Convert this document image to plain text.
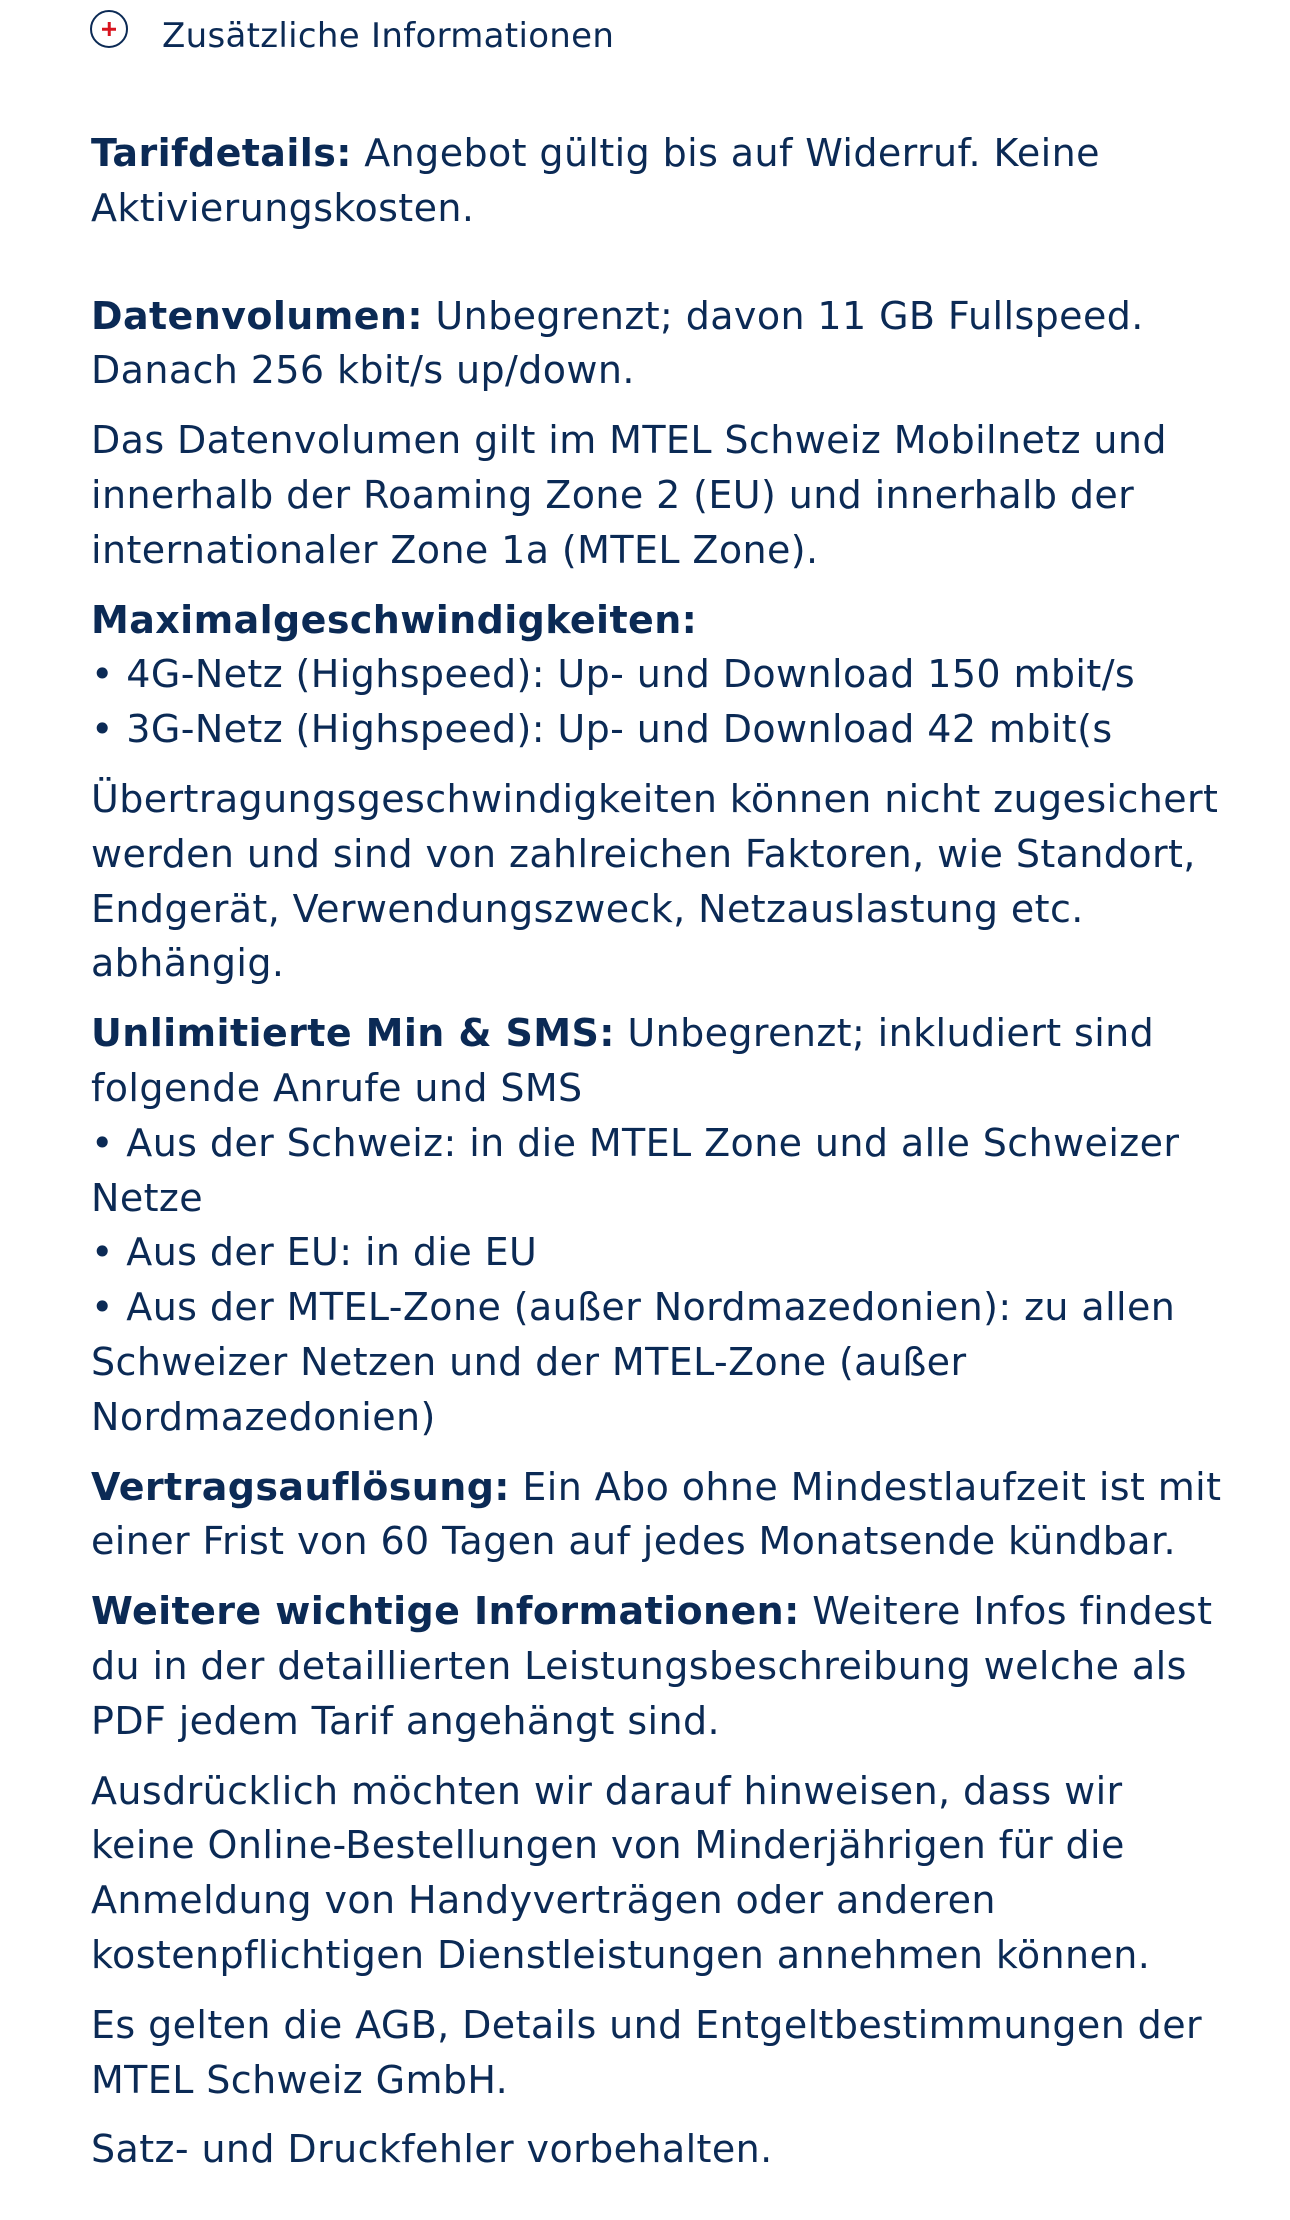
Zusätzliche Informationen

Tarifdetails: Angebot gültig bis auf Widerruf. Keine Aktivierungskosten.

Datenvolumen: Unbegrenzt; davon 11 GB Fullspeed. Danach 256 kbit/s up/down.

Das Datenvolumen gilt im MTEL Schweiz Mobilnetz und innerhalb der Roaming Zone 2 (EU) und innerhalb der internationaler Zone 1a (MTEL Zone).

Maximalgeschwindigkeiten:
• 4G-Netz (Highspeed): Up- und Download 150 mbit/s
• 3G-Netz (Highspeed): Up- und Download 42 mbit(s

Übertragungsgeschwindigkeiten können nicht zugesichert werden und sind von zahlreichen Faktoren, wie Standort, Endgerät, Verwendungszweck, Netzauslastung etc. abhängig.

Unlimitierte Min & SMS: Unbegrenzt; inkludiert sind folgende Anrufe und SMS
• Aus der Schweiz: in die MTEL Zone und alle Schweizer Netze
• Aus der EU: in die EU
• Aus der MTEL-Zone (außer Nordmazedonien): zu allen Schweizer Netzen und der MTEL-Zone (außer Nordmazedonien)

Vertragsauflösung: Ein Abo ohne Mindestlaufzeit ist mit einer Frist von 60 Tagen auf jedes Monatsende kündbar.

Weitere wichtige Informationen: Weitere Infos findest du in der detaillierten Leistungsbeschreibung welche als PDF jedem Tarif angehängt sind.

Ausdrücklich möchten wir darauf hinweisen, dass wir keine Online-Bestellungen von Minderjährigen für die Anmeldung von Handyverträgen oder anderen kostenpflichtigen Dienstleistungen annehmen können.

Es gelten die AGB, Details und Entgeltbestimmungen der MTEL Schweiz GmbH.

Satz- und Druckfehler vorbehalten.
